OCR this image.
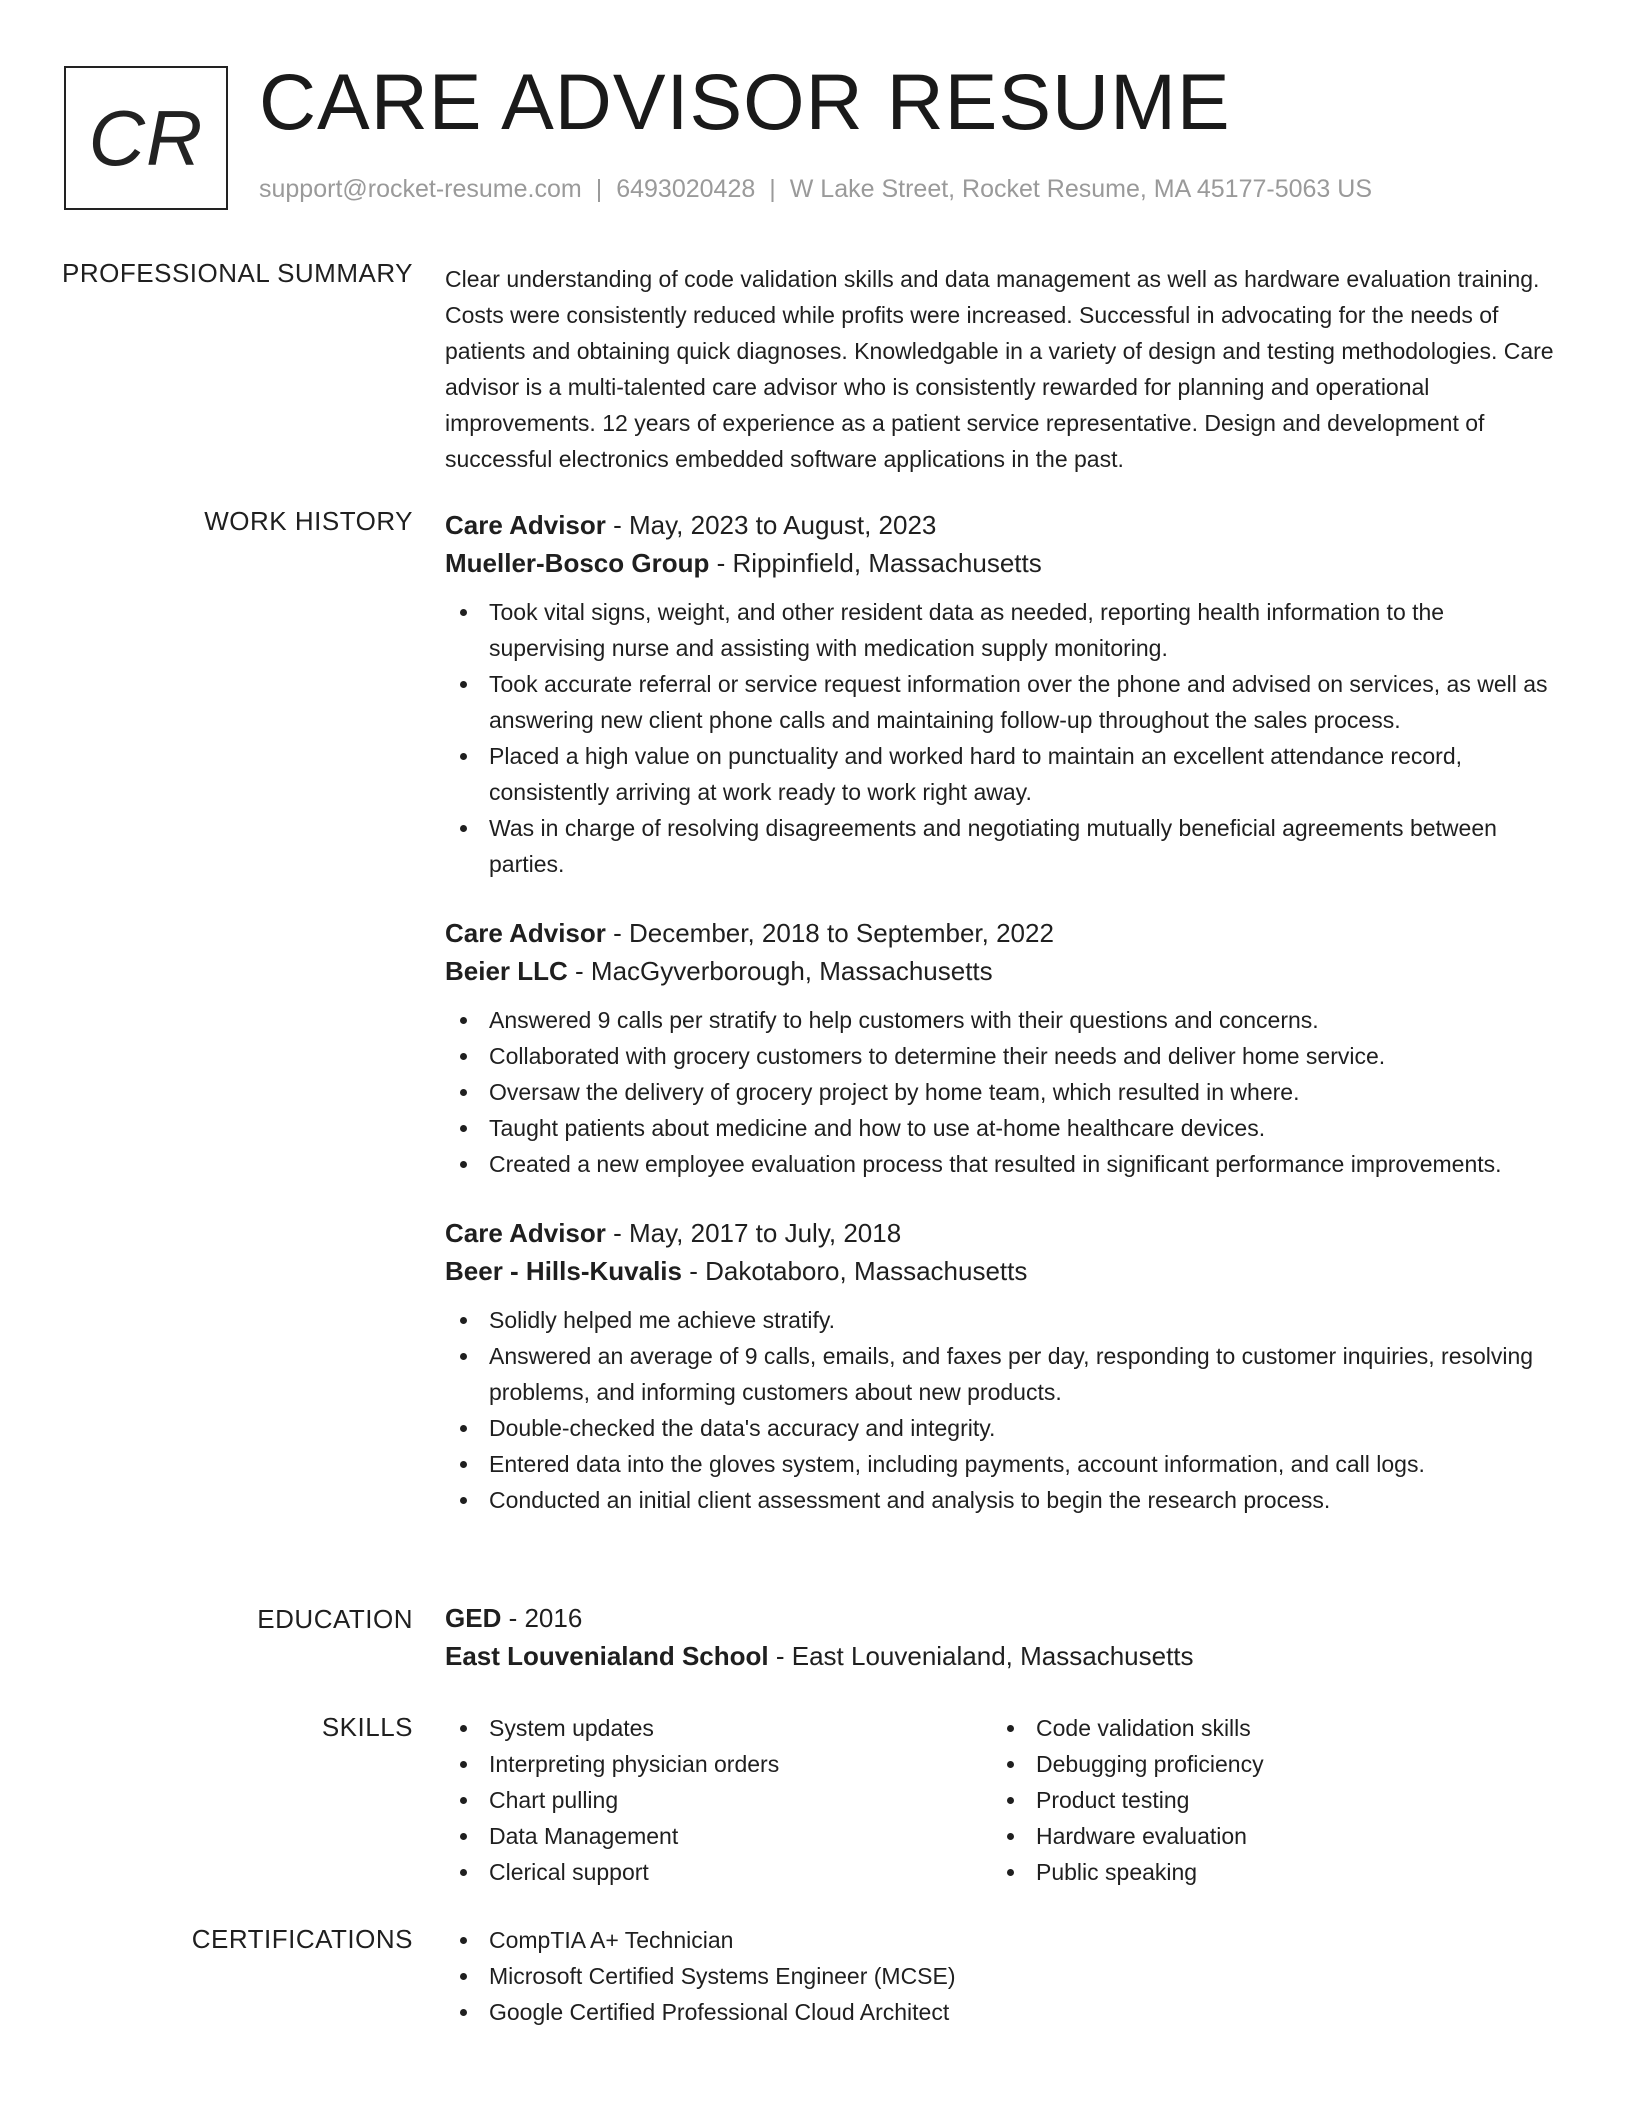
CR CARE ADVISOR RESUME
support@rocket-resume.com | 6493020428 | W Lake Street, Rocket Resume, MA 45177-5063 US
PROFESSIONAL SUMMARY Clear understanding of code validation skills and data management as well as hardware evaluation training. Costs were consistently reduced while profits were increased. Successful in advocating for the needs of patients and obtaining quick diagnoses. Knowledgable in a variety of design and testing methodologies. Care advisor is a multi-talented care advisor who is consistently rewarded for planning and operational improvements. 12 years of experience as a patient service representative. Design and development of successful electronics embedded software applications in the past.

WORK HISTORY Care Advisor - May, 2023 to August, 2023
Mueller-Bosco Group - Rippinfield, Massachusetts
Took vital signs, weight, and other resident data as needed, reporting health information to the supervising nurse and assisting with medication supply monitoring.
Took accurate referral or service request information over the phone and advised on services, as well as answering new client phone calls and maintaining follow-up throughout the sales process.
Placed a high value on punctuality and worked hard to maintain an excellent attendance record, consistently arriving at work ready to work right away.
Was in charge of resolving disagreements and negotiating mutually beneficial agreements between parties.
Care Advisor - December, 2018 to September, 2022
Beier LLC - MacGyverborough, Massachusetts
Answered 9 calls per stratify to help customers with their questions and concerns.
Collaborated with grocery customers to determine their needs and deliver home service.
Oversaw the delivery of grocery project by home team, which resulted in where.
Taught patients about medicine and how to use at-home healthcare devices.
Created a new employee evaluation process that resulted in significant performance improvements.
Care Advisor - May, 2017 to July, 2018
Beer - Hills-Kuvalis - Dakotaboro, Massachusetts
Solidly helped me achieve stratify.
Answered an average of 9 calls, emails, and faxes per day, responding to customer inquiries, resolving problems, and informing customers about new products.
Double-checked the data's accuracy and integrity.
Entered data into the gloves system, including payments, account information, and call logs.
Conducted an initial client assessment and analysis to begin the research process.
EDUCATION GED - 2016
East Louvenialand School - East Louvenialand, Massachusetts
SKILLS	System updates
Interpreting physician orders
Chart pulling
Data Management
Clerical support
Code validation skills
Debugging proficiency
Product testing
Hardware evaluation
Public speaking
CERTIFICATIONS	CompTIA A+ Technician
Microsoft Certified Systems Engineer (MCSE)
Google Certified Professional Cloud Architect
